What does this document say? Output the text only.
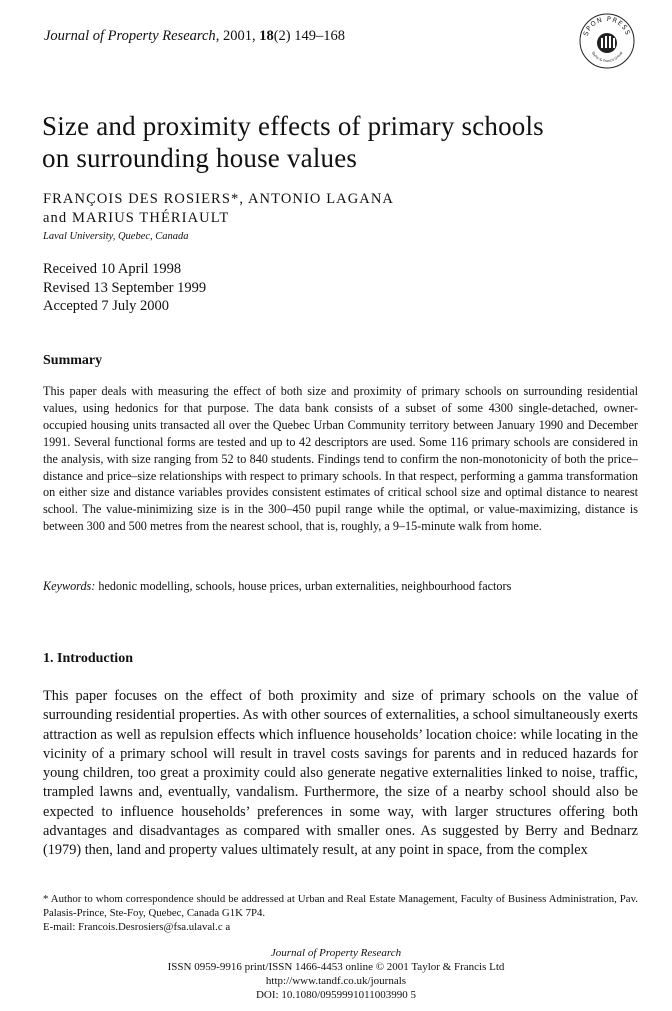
Journal of Property Research, 2001, 18(2) 149–168	SPON PRESS
Taylor & Francis Group
Size and proximity effects of primary schools
on surrounding house values
FRANÇOIS DES ROSIERS*, ANTONIO LAGANA
and MARIUS THÉRIAULT
Laval University, Quebec, Canada
Received 10 April 1998
Revised 13 September 1999
Accepted 7 July 2000
Summary
This paper deals with measuring the effect of both size and proximity of primary schools on surrounding residential values, using hedonics for that purpose. The data bank consists of a subset of some 4300 single-detached, owner-occupied housing units transacted all over the Quebec Urban Community territory between January 1990 and December 1991. Several functional forms are tested and up to 42 descriptors are used. Some 116 primary schools are considered in the analysis, with size ranging from 52 to 840 students. Findings tend to confirm the non-monotonicity of both the price–distance and price–size relationships with respect to primary schools. In that respect, performing a gamma transformation on either size and distance variables provides consistent estimates of critical school size and optimal distance to nearest school. The value-minimizing size is in the 300–450 pupil range while the optimal, or value-maximizing, distance is between 300 and 500 metres from the nearest school, that is, roughly, a 9–15-minute walk from home.
Keywords: hedonic modelling, schools, house prices, urban externalities, neighbourhood factors
1. Introduction
This paper focuses on the effect of both proximity and size of primary schools on the value of surrounding residential properties. As with other sources of externalities, a school simultaneously exerts attraction as well as repulsion effects which influence households’ location choice: while locating in the vicinity of a primary school will result in travel costs savings for parents and in reduced hazards for young children, too great a proximity could also generate negative externalities linked to noise, traffic, trampled lawns and, eventually, vandalism. Furthermore, the size of a nearby school should also be expected to influence households’ preferences in some way, with larger structures offering both advantages and disadvantages as compared with smaller ones. As suggested by Berry and Bednarz (1979) then, land and property values ultimately result, at any point in space, from the complex
* Author to whom correspondence should be addressed at Urban and Real Estate Management, Faculty of Business Administration, Pav. Palasis-Prince, Ste-Foy, Quebec, Canada G1K 7P4.
E-mail: Francois.Desrosiers@fsa.ulaval.c a
Journal of Property Research
ISSN 0959-9916 print/ISSN 1466-4453 online © 2001 Taylor & Francis Ltd
http://www.tandf.co.uk/journals
DOI: 10.1080/0959991011003990 5
